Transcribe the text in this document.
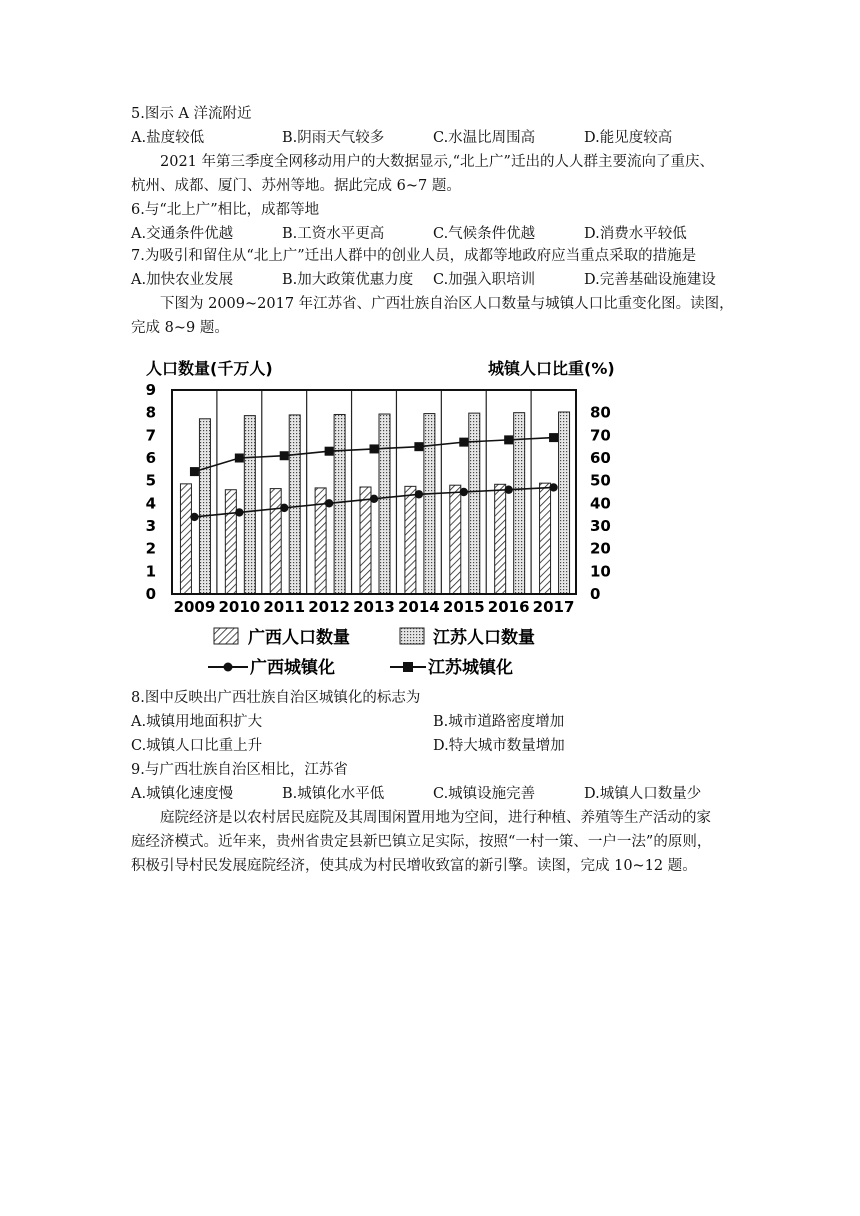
5.图示 A 洋流附近
A.盐度较低	B.阴雨天气较多	C.水温比周围高	D.能见度较高
2021 年第三季度全网移动用户的大数据显示,“北上广”迁出的人人群主要流向了重庆、
杭州、成都、厦门、苏州等地。据此完成 6~7 题。
6.与“北上广”相比，成都等地
A.交通条件优越	B.工资水平更高	C.气候条件优越	D.消费水平较低
7.为吸引和留住从“北上广”迁出人群中的创业人员，成都等地政府应当重点采取的措施是
A.加快农业发展	B.加大政策优惠力度 C.加强入职培训	D.完善基础设施建设
下图为 2009~2017 年江苏省、广西壮族自治区人口数量与城镇人口比重变化图。读图，
完成 8~9 题。
人口数量(千万人)	城镇人口比重(%)
0
1
2
3
4
5
6
7
8
9
0
10
20
30
40
50
60
70
80
2009 2010 2011 2012 2013 2014 2015 2016 2017
广西人口数量	江苏人口数量
广西城镇化	江苏城镇化
8.图中反映出广西壮族自治区城镇化的标志为
A.城镇用地面积扩大	B.城市道路密度增加
C.城镇人口比重上升	D.特大城市数量增加
9.与广西壮族自治区相比，江苏省
A.城镇化速度慢	B.城镇化水平低	C.城镇设施完善	D.城镇人口数量少
庭院经济是以农村居民庭院及其周围闲置用地为空间，进行种植、养殖等生产活动的家
庭经济模式。近年来，贵州省贵定县新巴镇立足实际，按照“一村一策、一户一法”的原则，
积极引导村民发展庭院经济，使其成为村民增收致富的新引擎。读图，完成 10~12 题。
